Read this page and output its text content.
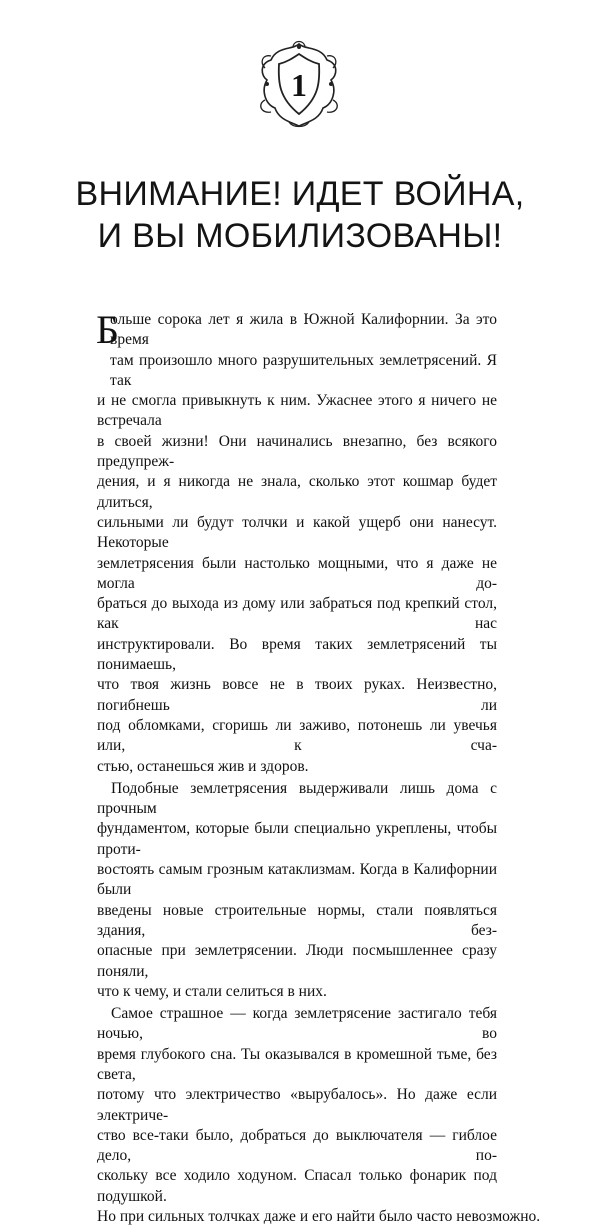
1
ВНИМАНИЕ! ИДЕТ ВОЙНА,
И ВЫ МОБИЛИЗОВАНЫ!
Б
ольше сорока лет я жила в Южной Калифорнии. За это время
там произошло много разрушительных землетрясений. Я так
и не смогла привыкнуть к ним. Ужаснее этого я ничего не встречала
в своей жизни! Они начинались внезапно, без всякого предупреж-
дения, и я никогда не знала, сколько этот кошмар будет длиться,
сильными ли будут толчки и какой ущерб они нанесут. Некоторые
землетрясения были настолько мощными, что я даже не могла до-
браться до выхода из дому или забраться под крепкий стол, как нас
инструктировали. Во время таких землетрясений ты понимаешь,
что твоя жизнь вовсе не в твоих руках. Неизвестно, погибнешь ли
под обломками, сгоришь ли заживо, потонешь ли увечья или, к сча-
стью, останешься жив и здоров.
Подобные землетрясения выдерживали лишь дома с прочным
фундаментом, которые были специально укреплены, чтобы проти-
востоять самым грозным катаклизмам. Когда в Калифорнии были
введены новые строительные нормы, стали появляться здания, без-
опасные при землетрясении. Люди посмышленнее сразу поняли,
что к чему, и стали селиться в них.
Самое страшное — когда землетрясение застигало тебя ночью, во
время глубокого сна. Ты оказывался в кромешной тьме, без света,
потому что электричество «вырубалось». Но даже если электриче-
ство все-таки было, добраться до выключателя — гиблое дело, по-
скольку все ходило ходуном. Спасал только фонарик под подушкой.
Но при сильных толчках даже и его найти было часто невозможно.
